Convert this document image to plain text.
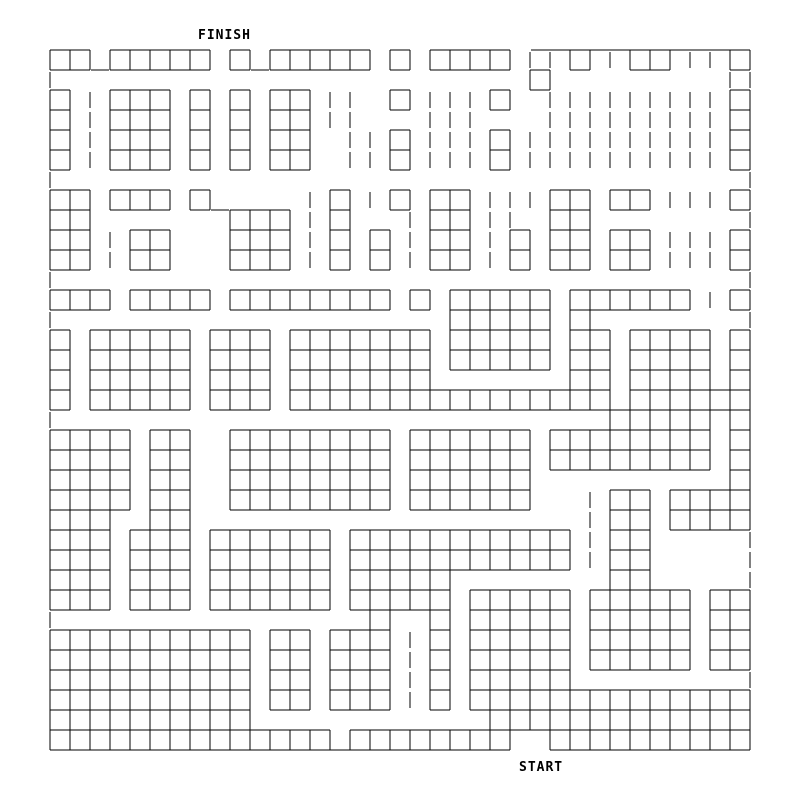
FINISH
START
